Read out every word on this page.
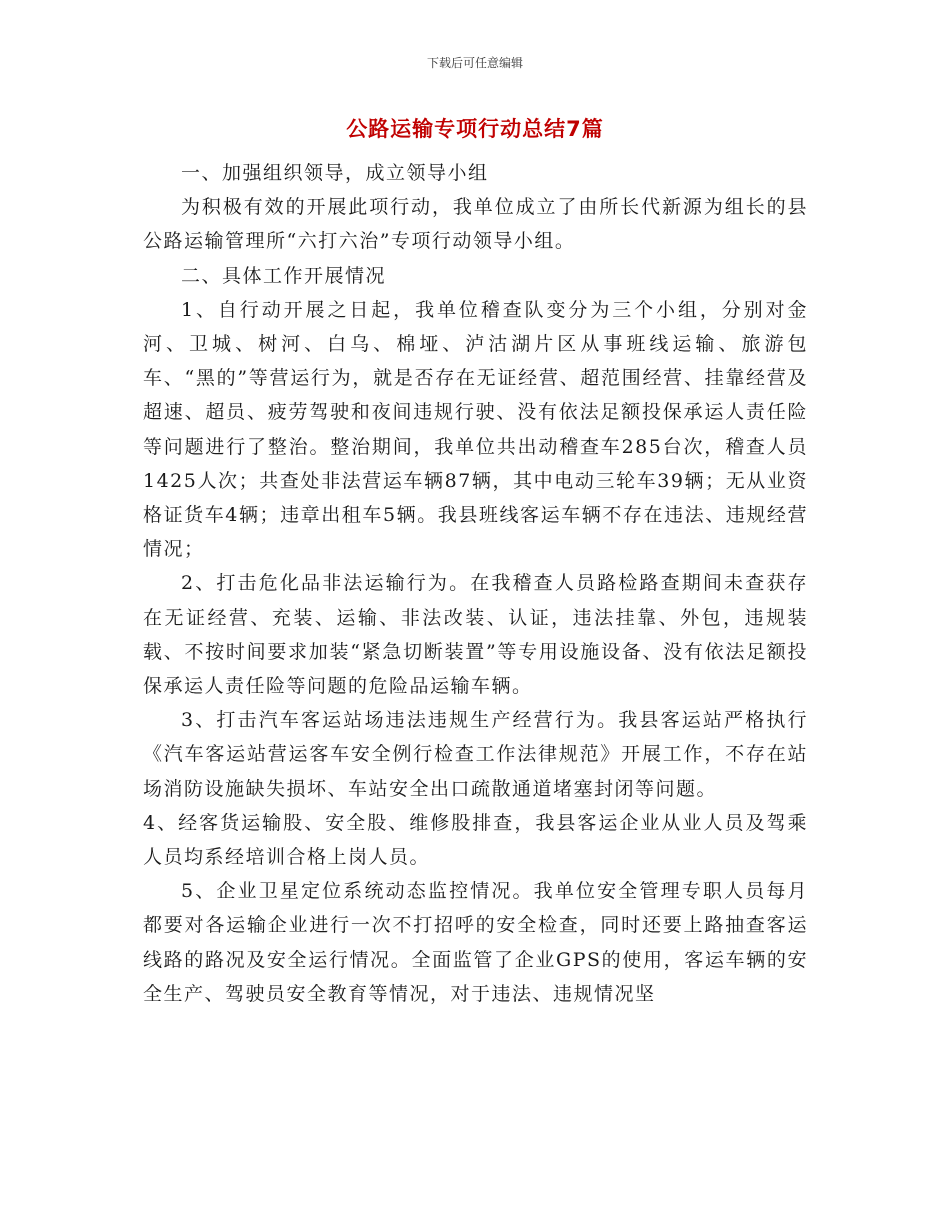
下载后可任意编辑
公路运输专项行动总结7篇

一、加强组织领导，成立领导小组

为积极有效的开展此项行动，我单位成立了由所长代新源为组长的县公路运输管理所“六打六治”专项行动领导小组。

二、具体工作开展情况

1、自行动开展之日起，我单位稽查队变分为三个小组，分别对金河、卫城、树河、白乌、棉垭、泸沽湖片区从事班线运输、旅游包车、“黑的”等营运行为，就是否存在无证经营、超范围经营、挂靠经营及超速、超员、疲劳驾驶和夜间违规行驶、没有依法足额投保承运人责任险等问题进行了整治。整治期间，我单位共出动稽查车285台次，稽查人员1425人次；共查处非法营运车辆87辆，其中电动三轮车39辆；无从业资格证货车4辆；违章出租车5辆。我县班线客运车辆不存在违法、违规经营情况；

2、打击危化品非法运输行为。在我稽查人员路检路查期间未查获存在无证经营、充装、运输、非法改装、认证，违法挂靠、外包，违规装载、不按时间要求加装“紧急切断装置”等专用设施设备、没有依法足额投保承运人责任险等问题的危险品运输车辆。

3、打击汽车客运站场违法违规生产经营行为。我县客运站严格执行《汽车客运站营运客车安全例行检查工作法律规范》开展工作，不存在站场消防设施缺失损坏、车站安全出口疏散通道堵塞封闭等问题。

4、经客货运输股、安全股、维修股排查，我县客运企业从业人员及驾乘人员均系经培训合格上岗人员。

5、企业卫星定位系统动态监控情况。我单位安全管理专职人员每月都要对各运输企业进行一次不打招呼的安全检查，同时还要上路抽查客运线路的路况及安全运行情况。全面监管了企业GPS的使用，客运车辆的安全生产、驾驶员安全教育等情况，对于违法、违规情况坚
